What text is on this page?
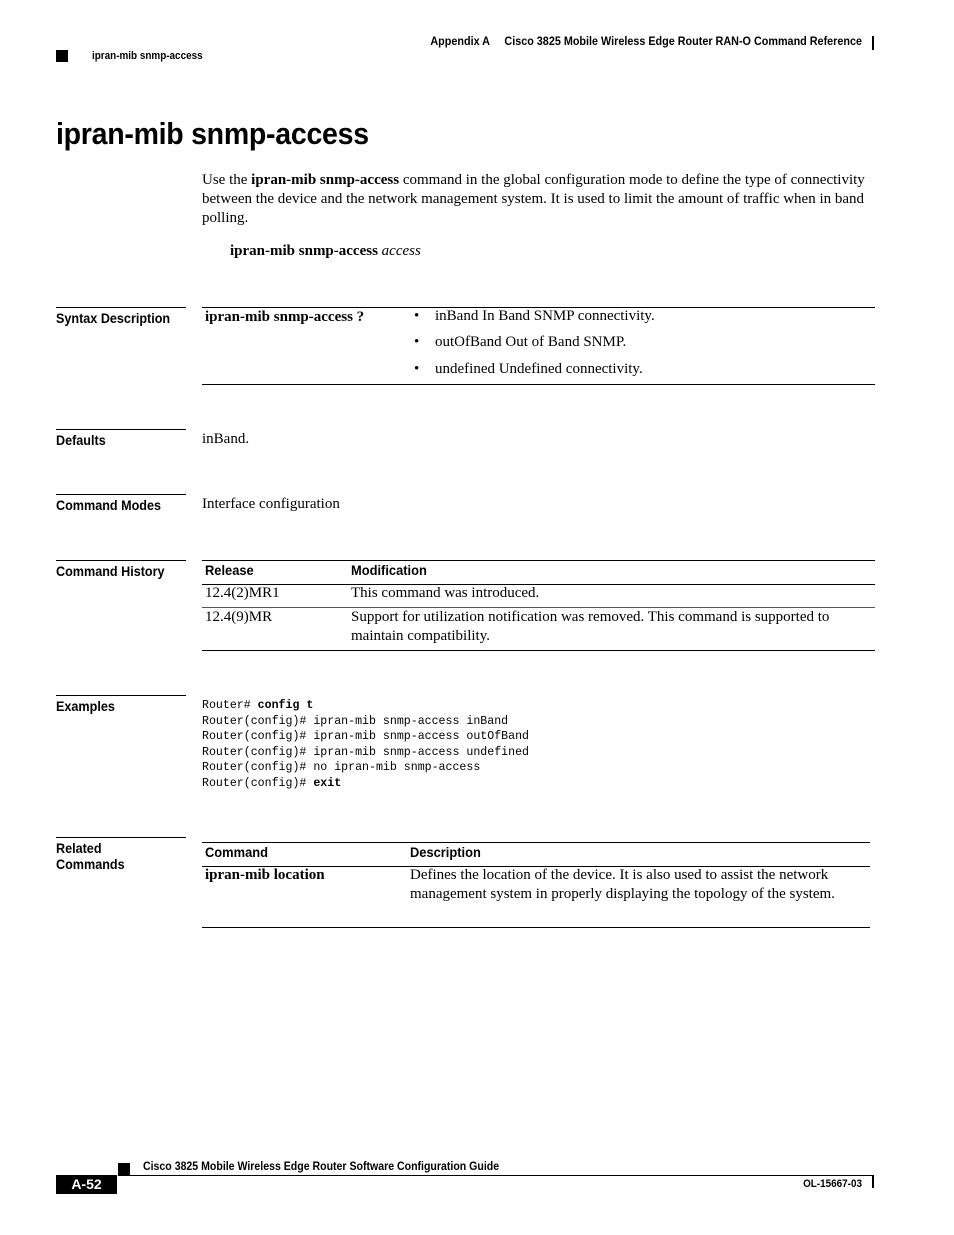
Appendix A Cisco 3825 Mobile Wireless Edge Router RAN-O Command Reference
ipran-mib snmp-access
ipran-mib snmp-access
Use the ipran-mib snmp-access command in the global configuration mode to define the type of connectivity between the device and the network management system. It is used to limit the amount of traffic when in band polling.
ipran-mib snmp-access access
Syntax Description	ipran-mib snmp-access ?	• inBand In Band SNMP connectivity.
• outOfBand Out of Band SNMP.
• undefined Undefined connectivity.
Defaults	inBand.
Command Modes	Interface configuration
Command History	Release	Modification
12.4(2)MR1	This command was introduced.
12.4(9)MR	Support for utilization notification was removed. This command is supported to maintain compatibility.
Examples	Router# config t
Router(config)# ipran-mib snmp-access inBand
Router(config)# ipran-mib snmp-access outOfBand
Router(config)# ipran-mib snmp-access undefined
Router(config)# no ipran-mib snmp-access
Router(config)# exit
Related Commands
Command	Description
ipran-mib location	Defines the location of the device. It is also used to assist the network management system in properly displaying the topology of the system.
Cisco 3825 Mobile Wireless Edge Router Software Configuration Guide
A-52	OL-15667-03
